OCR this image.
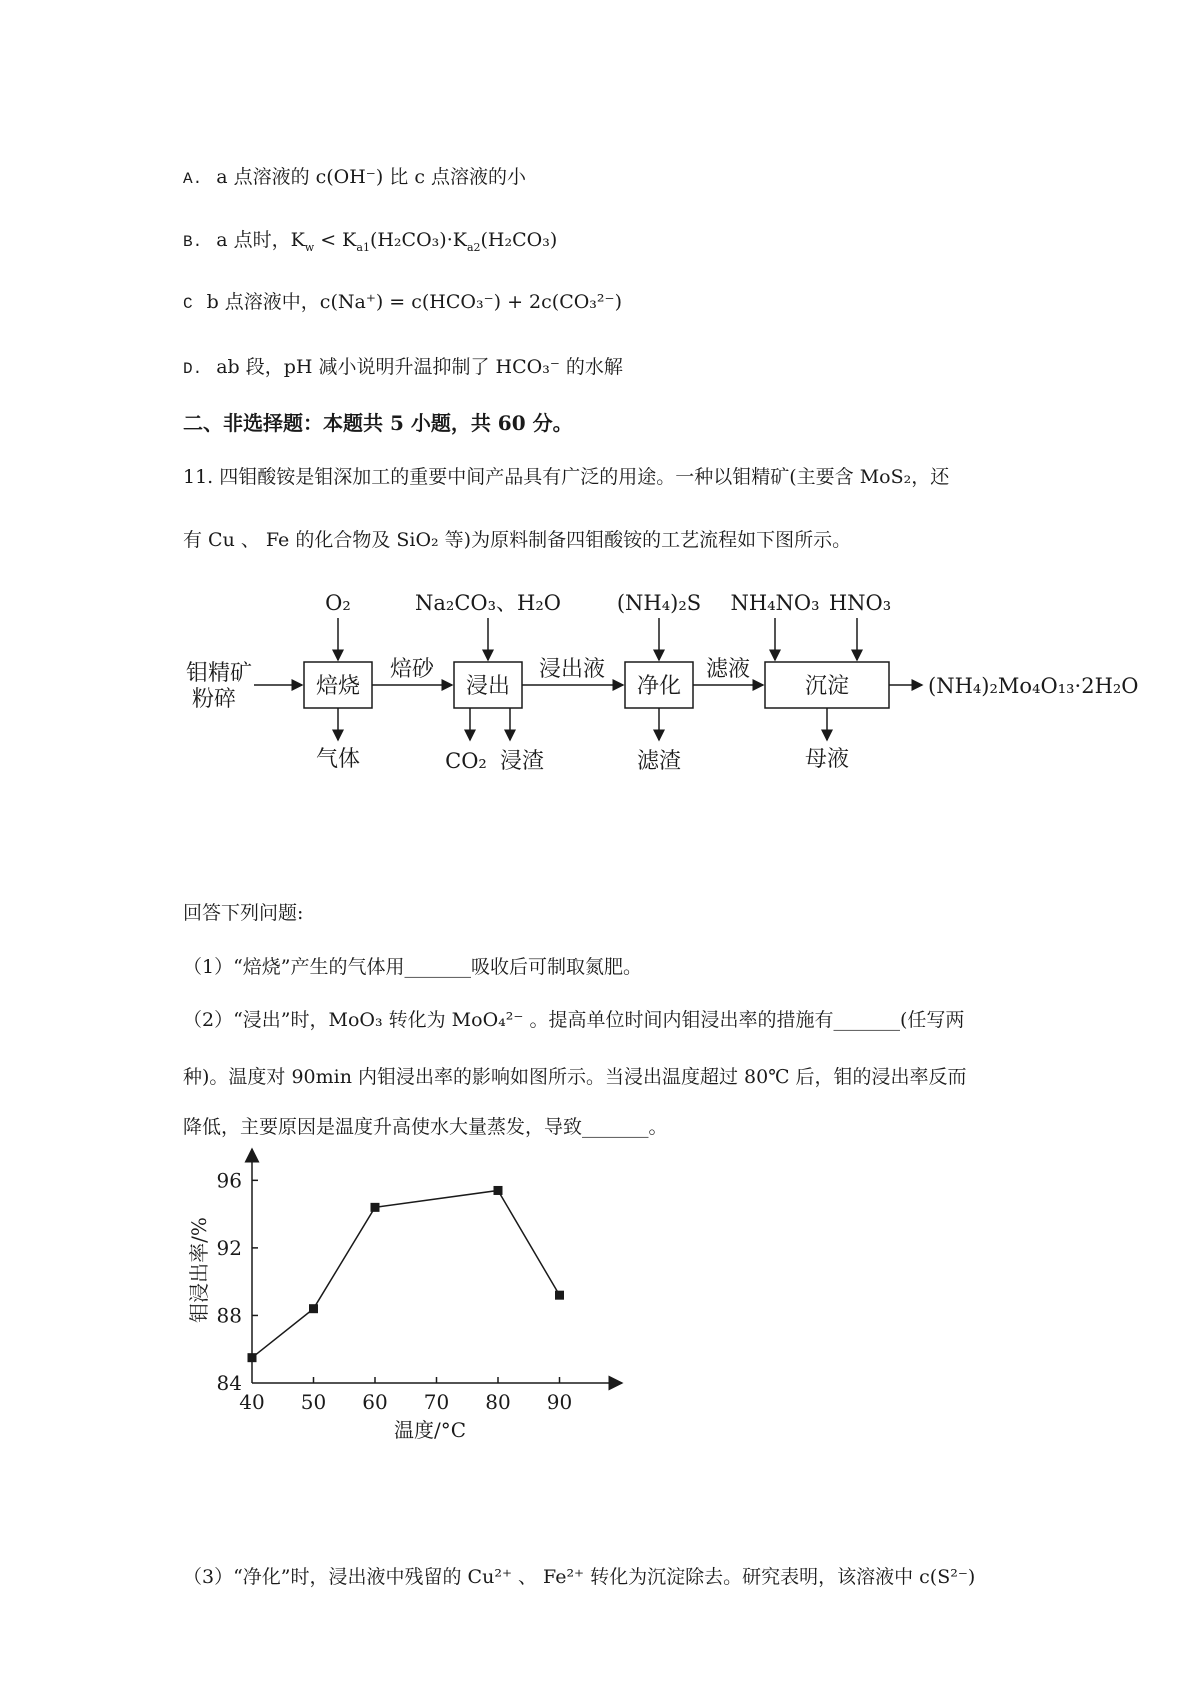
A. a 点溶液的 c(OH⁻) 比 c 点溶液的小
B. a 点时，$K_w < K_{a1}(H_2CO_3)\cdot K_{a2}(H_2CO_3)$
C b 点溶液中，c(Na⁺) = c(HCO₃⁻) + 2c(CO₃²⁻)
D. ab 段，pH 减小说明升温抑制了 HCO₃⁻ 的水解
二、非选择题：本题共 5 小题，共 60 分。
11. 四钼酸铵是钼深加工的重要中间产品具有广泛的用途。一种以钼精矿(主要含 MoS₂，还
有 Cu 、 Fe 的化合物及 SiO₂ 等)为原料制备四钼酸铵的工艺流程如下图所示。
钼精矿
粉碎
焙烧	浸出	净化	沉淀
焙砂	浸出液	滤液
O₂	Na₂CO₃、H₂O	(NH₄)₂S NH₄NO₃ HNO₃
气体	CO₂ 浸渣	滤渣	母液
(NH₄)₂Mo₄O₁₃·2H₂O
回答下列问题:
（1）“焙烧”产生的气体用_______吸收后可制取氮肥。
（2）“浸出”时，MoO₃ 转化为 MoO₄²⁻ 。提高单位时间内钼浸出率的措施有_______(任写两
种)。温度对 90min 内钼浸出率的影响如图所示。当浸出温度超过 80℃ 后，钼的浸出率反而
降低，主要原因是温度升高使水大量蒸发，导致_______。
40 50 60 70 80 90
84
88
92
96
温度/°C
钼浸出率/%
（3）“净化”时，浸出液中残留的 Cu²⁺ 、 Fe²⁺ 转化为沉淀除去。研究表明，该溶液中 c(S²⁻)
